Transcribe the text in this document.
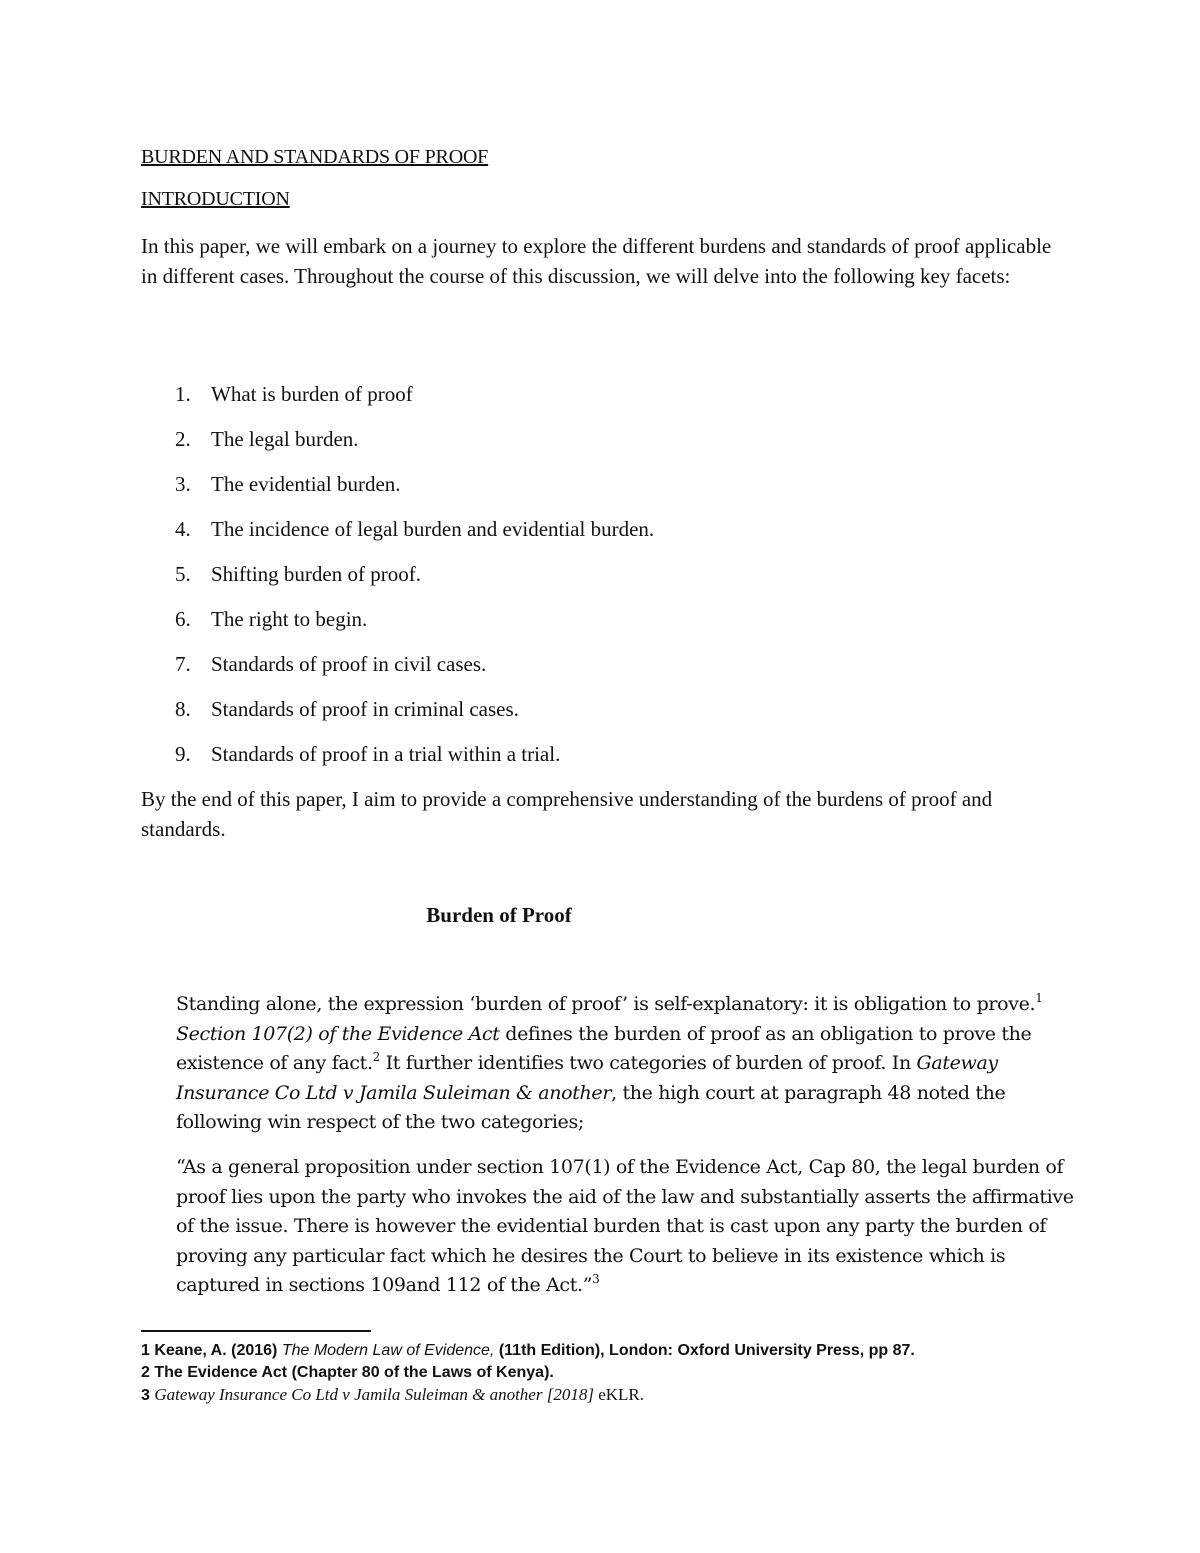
BURDEN AND STANDARDS OF PROOF
INTRODUCTION

In this paper, we will embark on a journey to explore the different burdens and standards of proof applicable in different cases. Throughout the course of this discussion, we will delve into the following key facets:

1. What is burden of proof
2. The legal burden.
3. The evidential burden.
4. The incidence of legal burden and evidential burden.
5. Shifting burden of proof.
6. The right to begin.
7. Standards of proof in civil cases.
8. Standards of proof in criminal cases.
9. Standards of proof in a trial within a trial.

By the end of this paper, I aim to provide a comprehensive understanding of the burdens of proof and standards.

Burden of Proof

Standing alone, the expression ‘burden of proof’ is self-explanatory: it is obligation to prove.$^1$
Section 107(2) of the Evidence Act defines the burden of proof as an obligation to prove the existence of any fact.$^2$ It further identifies two categories of burden of proof. In Gateway Insurance Co Ltd v Jamila Suleiman & another, the high court at paragraph 48 noted the following win respect of the two categories;

“As a general proposition under section 107(1) of the Evidence Act, Cap 80, the legal burden of proof lies upon the party who invokes the aid of the law and substantially asserts the affirmative of the issue. There is however the evidential burden that is cast upon any party the burden of proving any particular fact which he desires the Court to believe in its existence which is captured in sections 109and 112 of the Act.”$^3$

1 Keane, A. (2016) The Modern Law of Evidence, (11th Edition), London: Oxford University Press, pp 87.
2 The Evidence Act (Chapter 80 of the Laws of Kenya).
3 Gateway Insurance Co Ltd v Jamila Suleiman & another [2018] eKLR.
